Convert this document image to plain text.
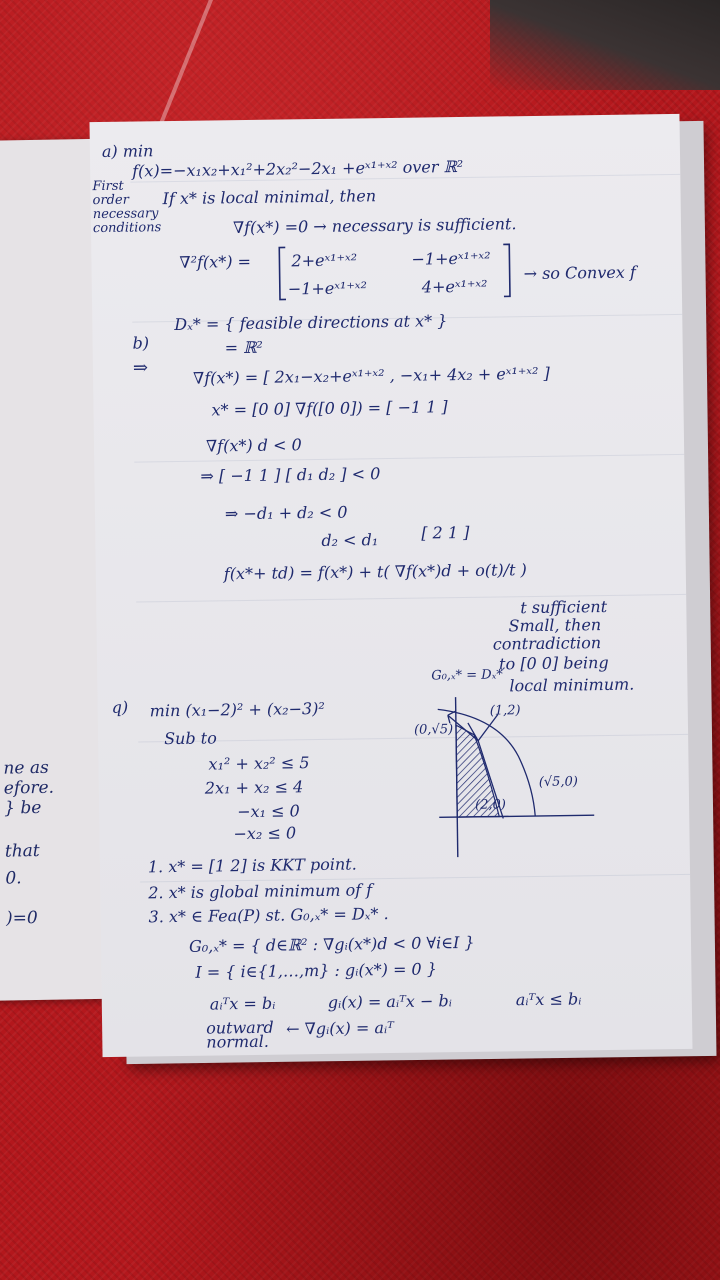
ne as
efore.
} be
that
0.
)=0
a) min
First
order
necessary
conditions
f(x)=−x₁x₂+x₁²+2x₂²−2x₁ +eˣ¹⁺ˣ² over ℝ²
If x* is local minimal, then
∇f(x*) =0 → necessary is sufficient.
∇²f(x*) =	2+eˣ¹⁺ˣ²	−1+eˣ¹⁺ˣ²
−1+eˣ¹⁺ˣ²	4+eˣ¹⁺ˣ²
→ so Convex f
Dₓ* = { feasible directions at x* }
= ℝ²
b)
⇒	∇f(x*) = [ 2x₁−x₂+eˣ¹⁺ˣ² , −x₁+ 4x₂ + eˣ¹⁺ˣ² ]
x* = [0 0] ∇f([0 0]) = [ −1 1 ]
∇f(x*) d < 0
⇒ [ −1 1 ] [ d₁ d₂ ] < 0
⇒ −d₁ + d₂ < 0
d₂ < d₁	[ 2 1 ]
f(x*+ td) = f(x*) + t( ∇f(x*)d + o(t)/t )
t sufficient
Small, then
contradiction
to [0 0] being
local minimum.
q) min (x₁−2)² + (x₂−3)²
Sub to
x₁² + x₂² ≤ 5
2x₁ + x₂ ≤ 4
−x₁ ≤ 0
−x₂ ≤ 0
G₀,ₓ* = Dₓ*
(1,2)
(0,√5)
(√5,0)
(2,0)
1. x* = [1 2] is KKT point.
2. x* is global minimum of f
3. x* ∈ Fea(P) st. G₀,ₓ* = Dₓ* .
G₀,ₓ* = { d∈ℝ² : ∇gᵢ(x*)d < 0 ∀i∈I }
I = { i∈{1,…,m} : gᵢ(x*) = 0 }
aᵢᵀx = bᵢ	gᵢ(x) = aᵢᵀx − bᵢ	aᵢᵀx ≤ bᵢ
outward
normal.
← ∇gᵢ(x) = aᵢᵀ
